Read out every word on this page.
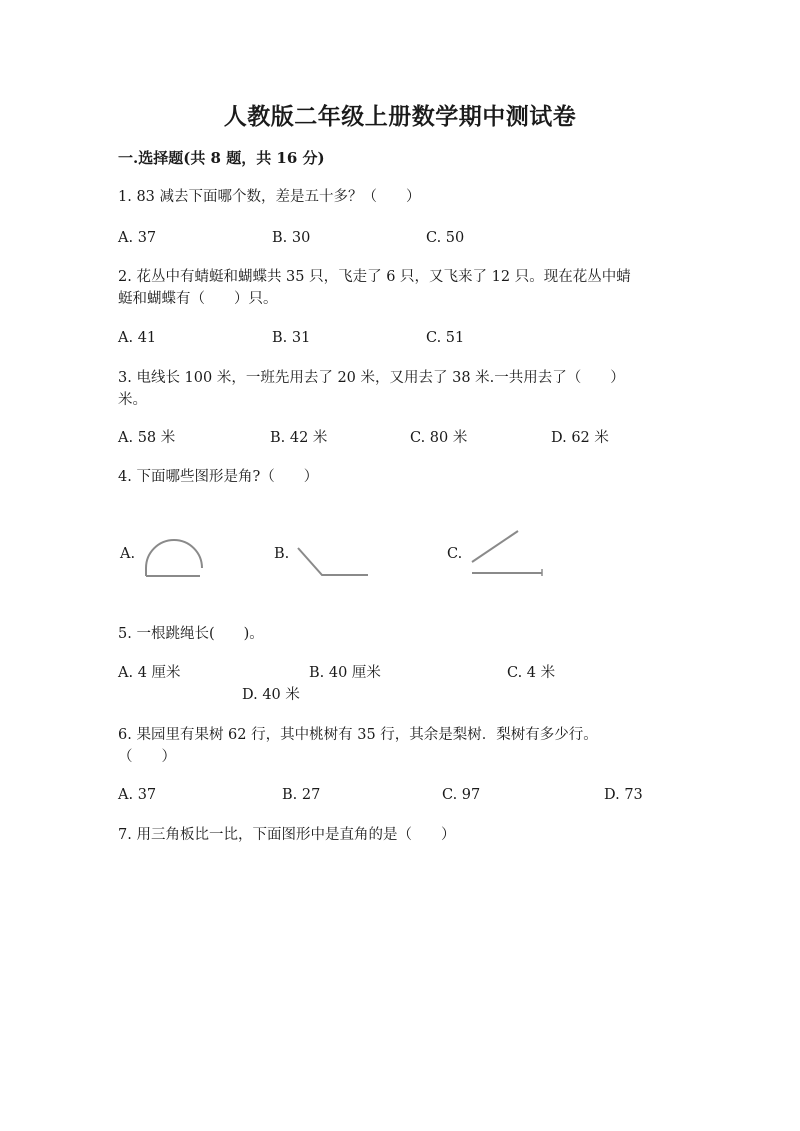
人教版二年级上册数学期中测试卷
一.选择题(共 8 题，共 16 分)
1. 83 减去下面哪个数，差是五十多？（　　）
A. 37	B. 30	C. 50
2. 花丛中有蜻蜓和蝴蝶共 35 只，飞走了 6 只，又飞来了 12 只。现在花丛中蜻
蜓和蝴蝶有（　　）只。
A. 41	B. 31	C. 51
3. 电线长 100 米，一班先用去了 20 米，又用去了 38 米.一共用去了（　　）
米。
A. 58 米	B. 42 米	C. 80 米	D. 62 米
4. 下面哪些图形是角?（　　）
A.	B.	C.
5. 一根跳绳长(　　)。
A. 4 厘米	B. 40 厘米	C. 4 米
D. 40 米
6. 果园里有果树 62 行，其中桃树有 35 行，其余是梨树．梨树有多少行。
（　　）
A. 37	B. 27	C. 97	D. 73
7. 用三角板比一比，下面图形中是直角的是（　　）
